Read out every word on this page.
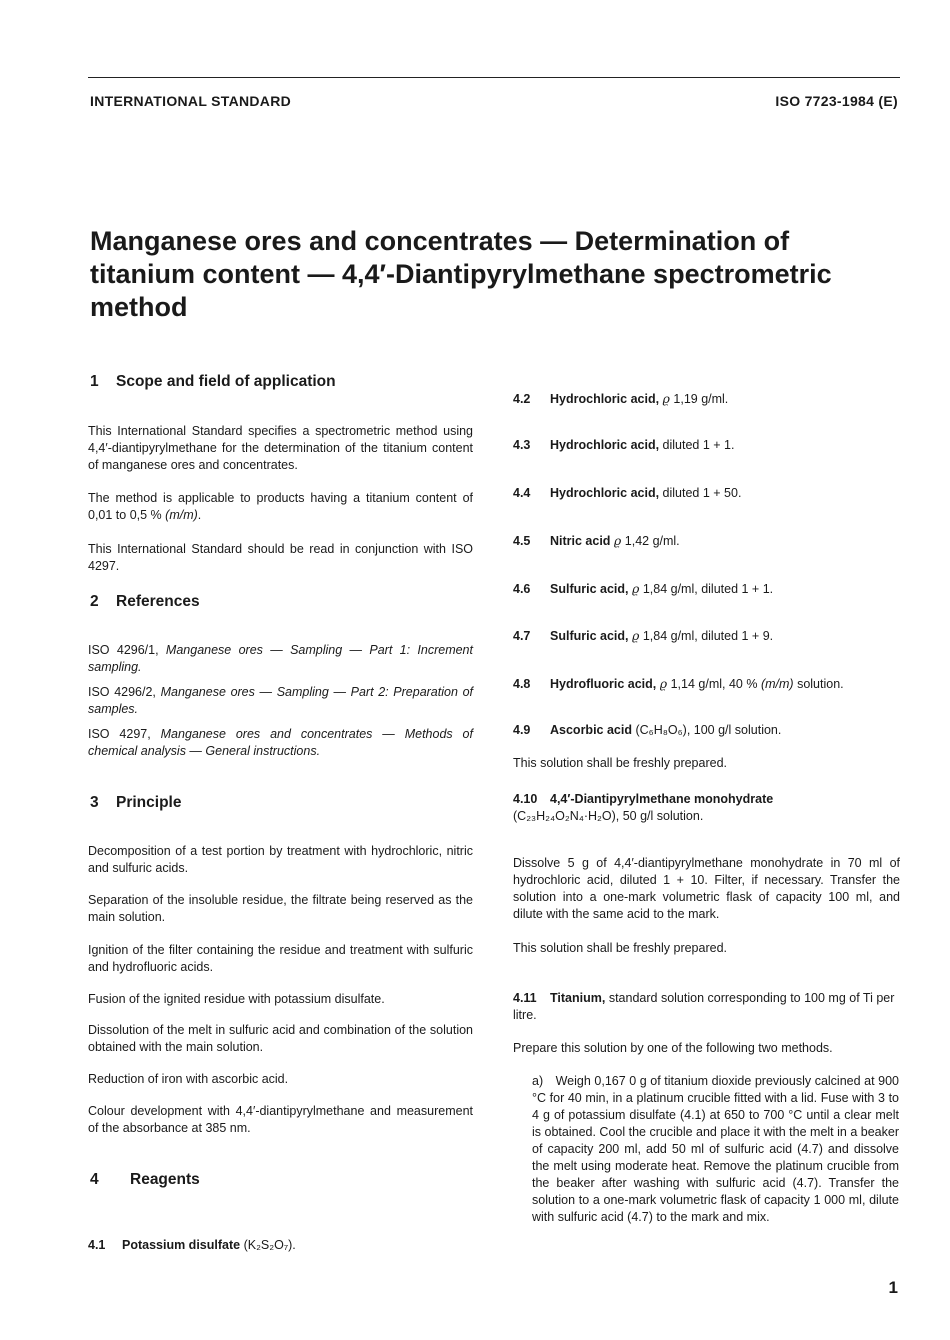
INTERNATIONAL STANDARD	ISO 7723-1984 (E)
Manganese ores and concentrates — Determination of
titanium content — 4,4′-Diantipyrylmethane spectrometric
method
1 Scope and field of application

This International Standard specifies a spectrometric method using 4,4′-diantipyrylmethane for the determination of the titanium content of manganese ores and concentrates.

The method is applicable to products having a titanium content of 0,01 to 0,5 % (m/m).

This International Standard should be read in conjunction with ISO 4297.

2 References

ISO 4296/1, Manganese ores — Sampling — Part 1: Increment sampling.

ISO 4296/2, Manganese ores — Sampling — Part 2: Preparation of samples.

ISO 4297, Manganese ores and concentrates — Methods of chemical analysis — General instructions.

3 Principle

Decomposition of a test portion by treatment with hydrochloric, nitric and sulfuric acids.

Separation of the insoluble residue, the filtrate being reserved as the main solution.

Ignition of the filter containing the residue and treatment with sulfuric and hydrofluoric acids.

Fusion of the ignited residue with potassium disulfate.

Dissolution of the melt in sulfuric acid and combination of the solution obtained with the main solution.

Reduction of iron with ascorbic acid.

Colour development with 4,4′-diantipyrylmethane and measurement of the absorbance at 385 nm.

4 Reagents

4.1 Potassium disulfate (K₂S₂O₇).

4.2 Hydrochloric acid, ϱ 1,19 g/ml.

4.3 Hydrochloric acid, diluted 1 + 1.

4.4 Hydrochloric acid, diluted 1 + 50.

4.5 Nitric acid ϱ 1,42 g/ml.

4.6 Sulfuric acid, ϱ 1,84 g/ml, diluted 1 + 1.

4.7 Sulfuric acid, ϱ 1,84 g/ml, diluted 1 + 9.

4.8 Hydrofluoric acid, ϱ 1,14 g/ml, 40 % (m/m) solution.

4.9 Ascorbic acid (C₆H₈O₆), 100 g/l solution.

This solution shall be freshly prepared.

4.10 4,4′-Diantipyrylmethane monohydrate
(C₂₃H₂₄O₂N₄·H₂O), 50 g/l solution.

Dissolve 5 g of 4,4′-diantipyrylmethane monohydrate in 70 ml of hydrochloric acid, diluted 1 + 10. Filter, if necessary. Transfer the solution into a one-mark volumetric flask of capacity 100 ml, and dilute with the same acid to the mark.

This solution shall be freshly prepared.

4.11 Titanium, standard solution corresponding to 100 mg of Ti per litre.

Prepare this solution by one of the following two methods.

a) Weigh 0,167 0 g of titanium dioxide previously calcined at 900 °C for 40 min, in a platinum crucible fitted with a lid. Fuse with 3 to 4 g of potassium disulfate (4.1) at 650 to 700 °C until a clear melt is obtained. Cool the crucible and place it with the melt in a beaker of capacity 200 ml, add 50 ml of sulfuric acid (4.7) and dissolve the melt using moderate heat. Remove the platinum crucible from the beaker after washing with sulfuric acid (4.7). Transfer the solution to a one-mark volumetric flask of capacity 1 000 ml, dilute with sulfuric acid (4.7) to the mark and mix.

1
